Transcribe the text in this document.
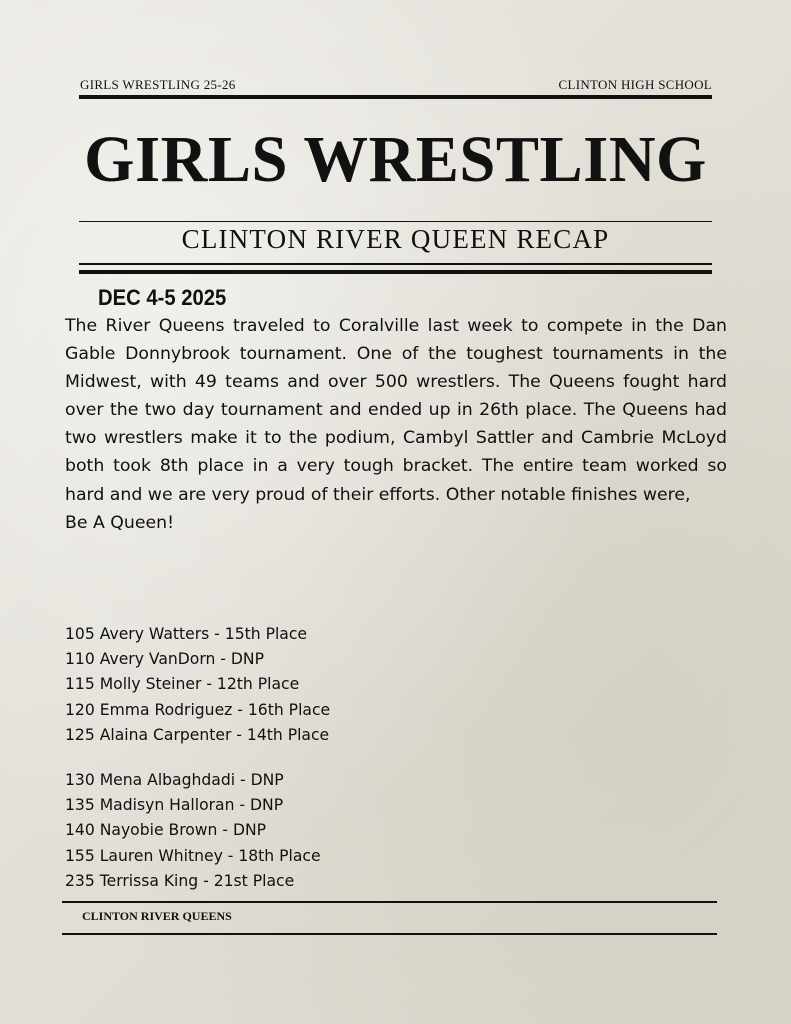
GIRLS WRESTLING 25-26	CLINTON HIGH SCHOOL
GIRLS WRESTLING
CLINTON RIVER QUEEN RECAP
DEC 4-5 2025

The River Queens traveled to Coralville last week to compete in the Dan Gable Donnybrook tournament. One of the toughest tournaments in the Midwest, with 49 teams and over 500 wrestlers. The Queens fought hard over the two day tournament and ended up in 26th place. The Queens had two wrestlers make it to the podium, Cambyl Sattler and Cambrie McLoyd both took 8th place in a very tough bracket. The entire team worked so hard and we are very proud of their efforts. Other notable finishes were,

Be A Queen!

105 Avery Watters - 15th Place
110 Avery VanDorn - DNP
115 Molly Steiner - 12th Place
120 Emma Rodriguez - 16th Place
125 Alaina Carpenter - 14th Place
130 Mena Albaghdadi - DNP
135 Madisyn Halloran - DNP
140 Nayobie Brown - DNP
155 Lauren Whitney - 18th Place
235 Terrissa King - 21st Place
CLINTON RIVER QUEENS
